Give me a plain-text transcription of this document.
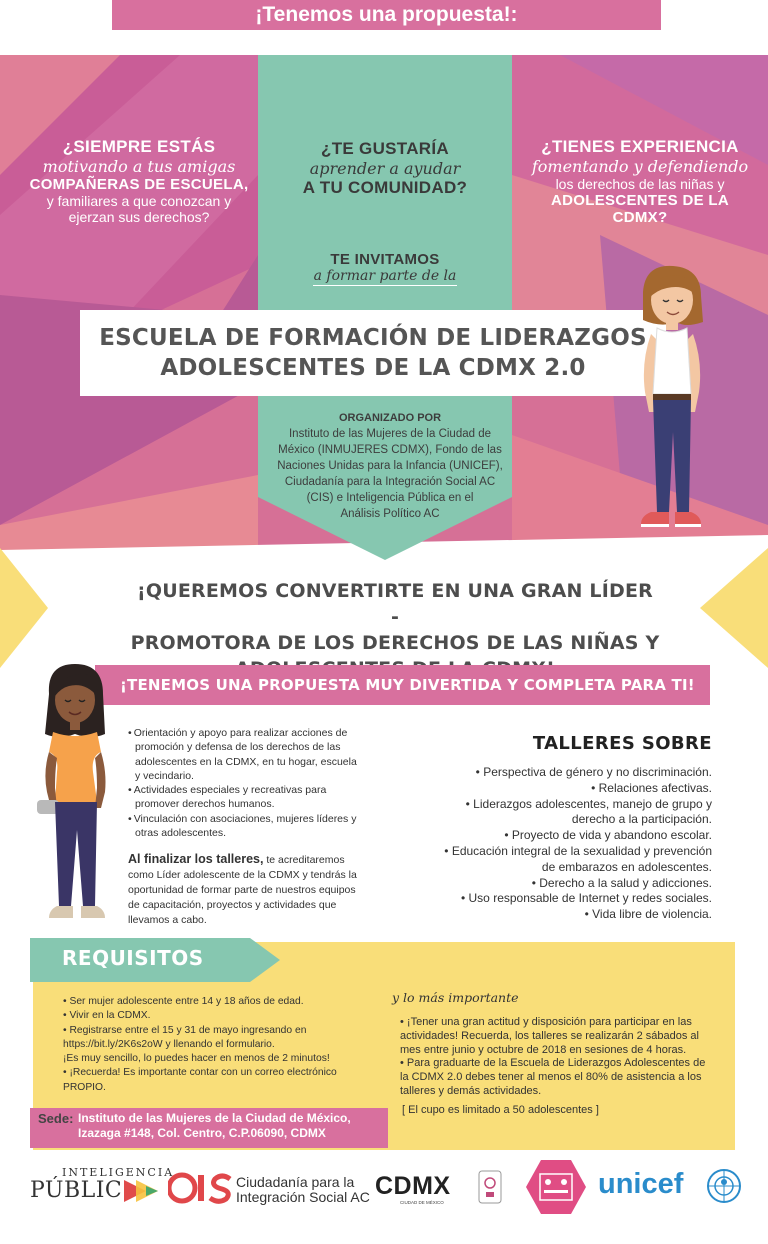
¡Tenemos una propuesta!:
¿SIEMPRE ESTÁS
motivando a tus amigas
COMPAÑERAS DE ESCUELA,
y familiares a que conozcan y
ejerzan sus derechos?
¿TE GUSTARÍA
aprender a ayudar
A TU COMUNIDAD?
TE INVITAMOS
a formar parte de la
¿TIENES EXPERIENCIA
fomentando y defendiendo
los derechos de las niñas y
ADOLESCENTES DE LA
CDMX?
ESCUELA DE FORMACIÓN DE LIDERAZGOS
ADOLESCENTES DE LA CDMX 2.0
ORGANIZADO POR
Instituto de las Mujeres de la Ciudad de
México (INMUJERES CDMX), Fondo de las
Naciones Unidas para la Infancia (UNICEF),
Ciudadanía para la Integración Social AC
(CIS) e Inteligencia Pública en el
Análisis Político AC
¡QUEREMOS CONVERTIRTE EN UNA GRAN LÍDER -
PROMOTORA DE LOS DERECHOS DE LAS NIÑAS Y
¡TENEMOS UNA PROPUESTA MUY DIVERTIDA Y COMPLETA PARA TI!
• Orientación y apoyo para realizar acciones de promoción y defensa de los derechos de las adolescentes en la CDMX, en tu hogar, escuela y vecindario.
• Actividades especiales y recreativas para promover derechos humanos.
• Vinculación con asociaciones, mujeres líderes y otras adolescentes.
Al finalizar los talleres, te acreditaremos como Líder adolescente de la CDMX y tendrás la oportunidad de formar parte de nuestros equipos de capacitación, proyectos y actividades que llevamos a cabo.
TALLERES SOBRE
• Perspectiva de género y no discriminación.
• Relaciones afectivas.
• Liderazgos adolescentes, manejo de grupo y
derecho a la participación.
• Proyecto de vida y abandono escolar.
• Educación integral de la sexualidad y prevención
de embarazos en adolescentes.
• Derecho a la salud y adicciones.
• Uso responsable de Internet y redes sociales.
• Vida libre de violencia.
REQUISITOS
• Ser mujer adolescente entre 14 y 18 años de edad.
• Vivir en la CDMX.
• Registrarse entre el 15 y 31 de mayo ingresando en
https://bit.ly/2K6s2oW y llenando el formulario.
¡Es muy sencillo, lo puedes hacer en menos de 2 minutos!
• ¡Recuerda! Es importante contar con un correo electrónico
PROPIO.
y lo más importante
• ¡Tener una gran actitud y disposición para participar en las actividades! Recuerda, los talleres se realizarán 2 sábados al mes entre junio y octubre de 2018 en sesiones de 4 horas.
• Para graduarte de la Escuela de Liderazgos Adolescentes de la CDMX 2.0 debes tener al menos el 80% de asistencia a los talleres y demás actividades.
[ El cupo es limitado a 50 adolescentes ]
Sede: Instituto de las Mujeres de la Ciudad de México,
Izazaga #148, Col. Centro, C.P.06090, CDMX
INTELIGENCIA
PÚBLIC	Ciudadanía para la
Integración Social AC CDMX
CIUDAD DE MÉXICO
unicef
